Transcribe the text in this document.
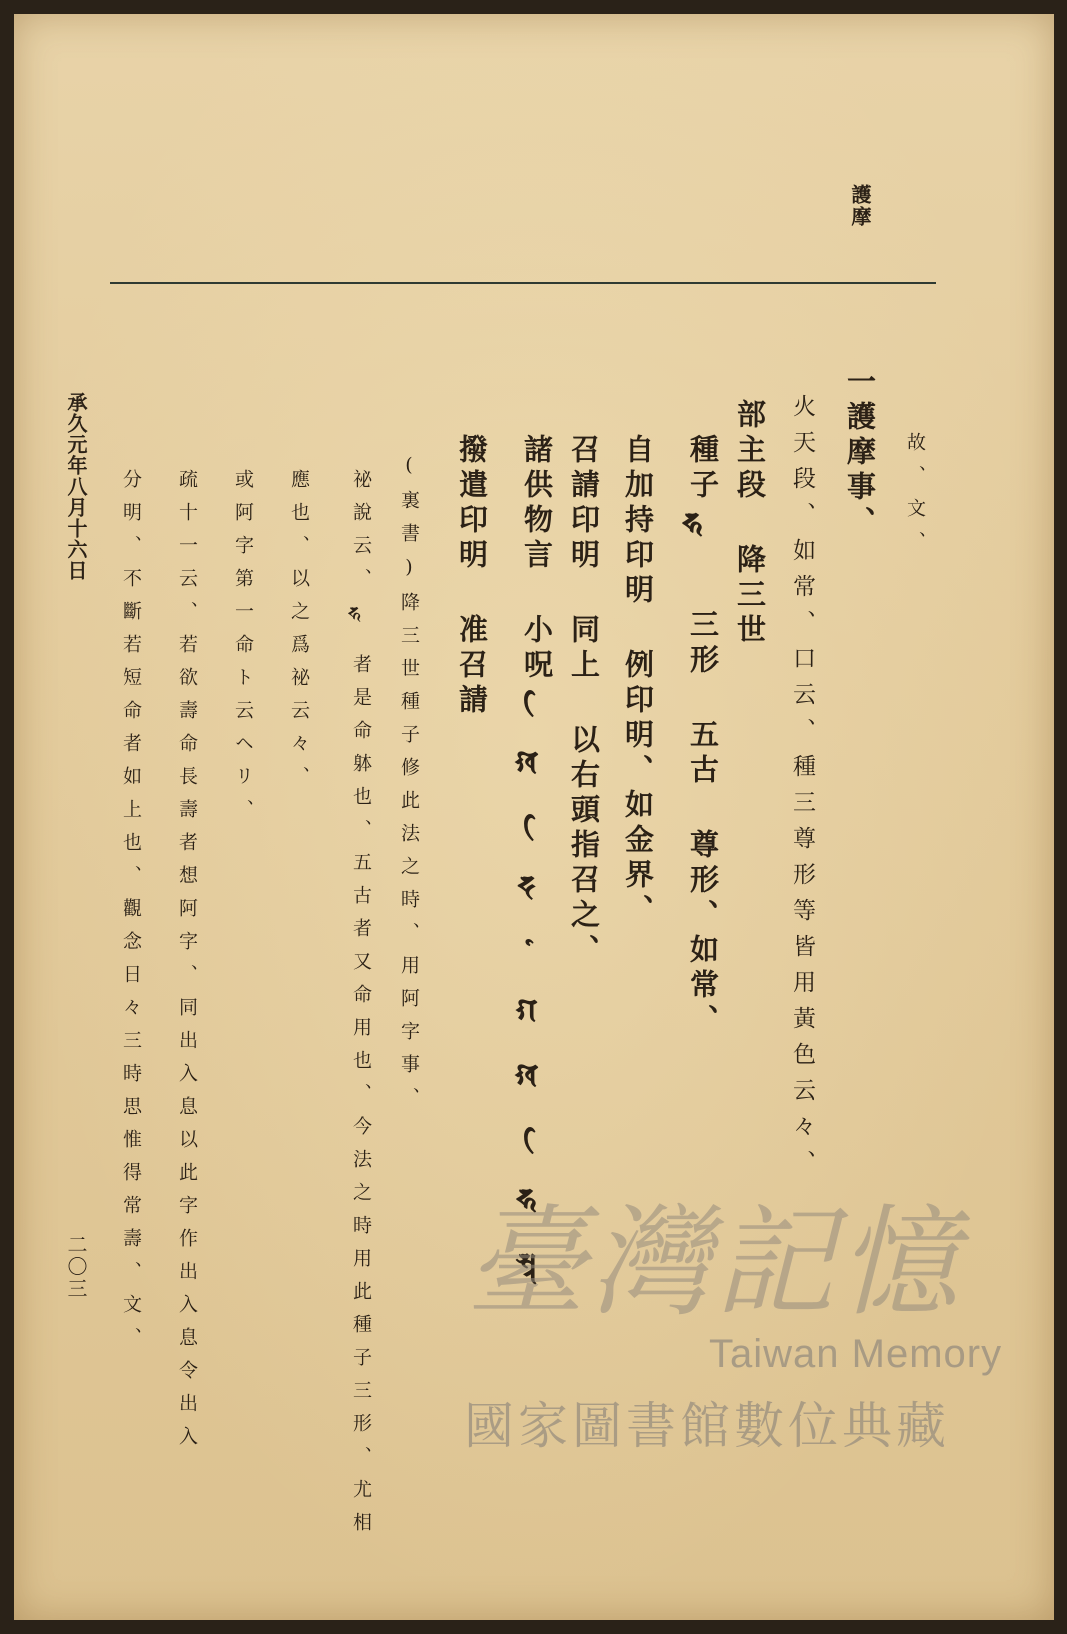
護摩
故、文、
一護摩事、
火天段、如常、口云、種三尊形等皆用黃色云々、
部主段 降三世
種子𑖮 三形 五古 尊形、如常、
自加持印明 例印明、如金界、
召請印明 同上 以右頭指召之、
諸供物言 小呪𑖏𑖰𑖟𑖰𑖐𑖸𑖏𑖮𑖰𑖭𑖿𑖝
撥遣印明 准召請
(裏書)降三世種子修此法之時、用阿字事、
祕說云、𑖮者是命躰也、五古者又命用也、今法之時用此種子三形、尤相
應也、以之爲祕云々、
或阿字第一命ト云ヘリ、
疏十一云、若欲壽命長壽者想阿字、同出入息以此字作出入息令出入
分明、不斷若短命者如上也、觀念日々三時思惟得常壽、文、
承久元年八月十六日
二〇三	臺灣記憶
Taiwan Memory
國家圖書館數位典藏
